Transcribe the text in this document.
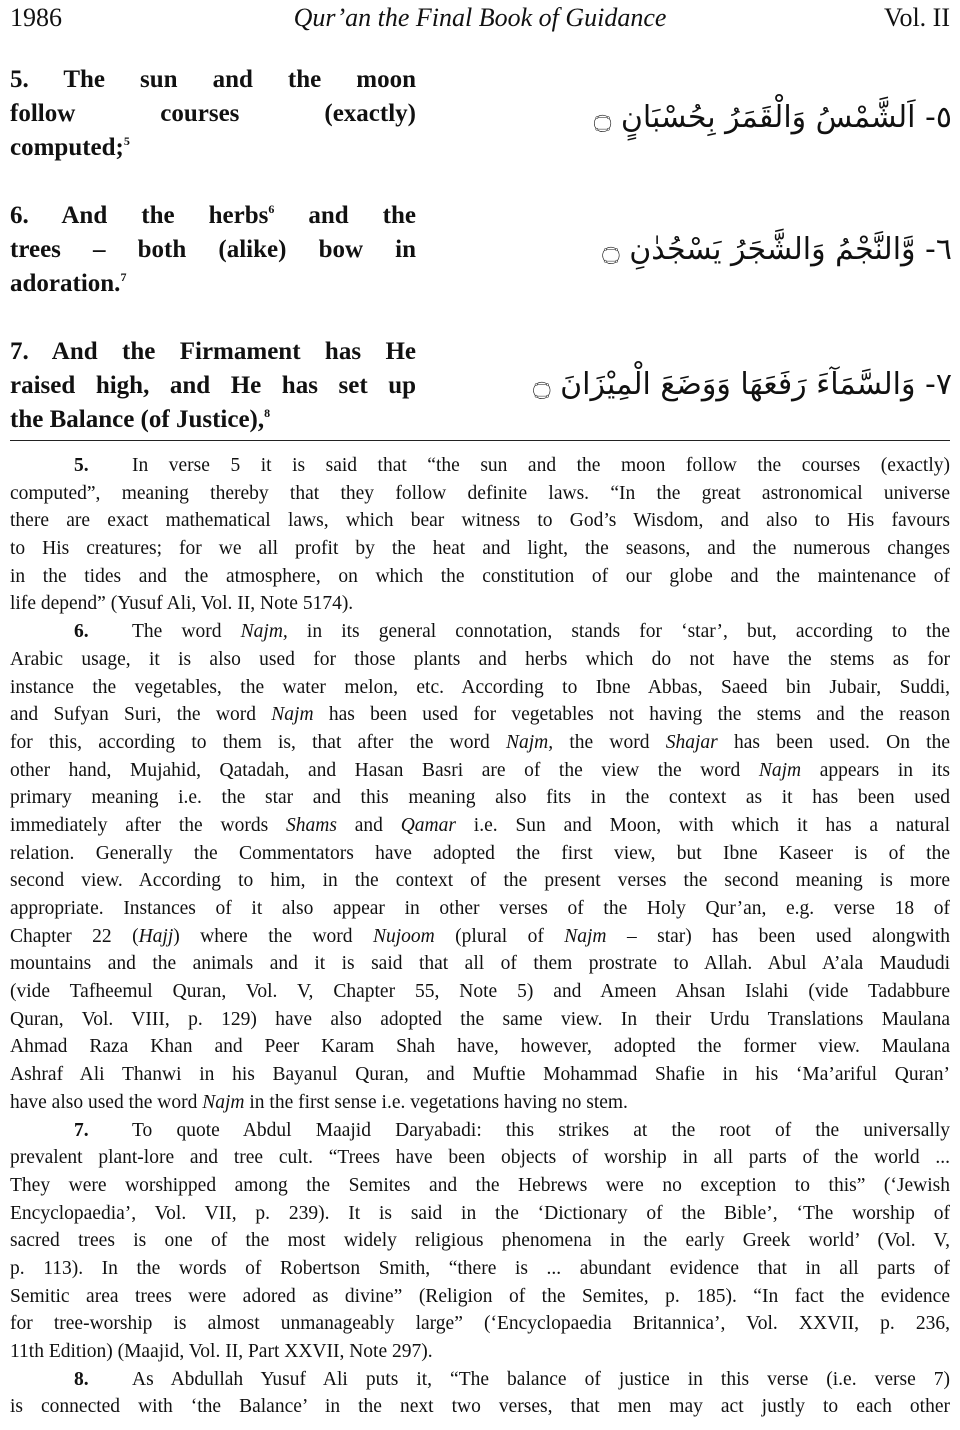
1986	Qur’an the Final Book of Guidance	Vol. II
5. The sun and the moon
follow courses (exactly)
computed;$^5$
٥- اَلشَّمْسُ وَالْقَمَرُ بِحُسْبَانٍ ۝
6. And the herbs$^6$ and the
trees – both (alike) bow in
adoration.$^7$
٦- وَّالنَّجْمُ وَالشَّجَرُ يَسْجُدٰنِ ۝
7. And the Firmament has He
raised high, and He has set up
the Balance (of Justice),$^8$
٧- وَالسَّمَآءَ رَفَعَهَا وَوَضَعَ الْمِيْزَانَ ۝
5. In verse 5 it is said that “the sun and the moon follow the courses (exactly)
computed”, meaning thereby that they follow definite laws. “In the great astronomical universe
there are exact mathematical laws, which bear witness to God’s Wisdom, and also to His favours
to His creatures; for we all profit by the heat and light, the seasons, and the numerous changes
in the tides and the atmosphere, on which the constitution of our globe and the maintenance of
life depend” (Yusuf Ali, Vol. II, Note 5174).
6. The word Najm, in its general connotation, stands for ‘star’, but, according to the
Arabic usage, it is also used for those plants and herbs which do not have the stems as for
instance the vegetables, the water melon, etc. According to Ibne Abbas, Saeed bin Jubair, Suddi,
and Sufyan Suri, the word Najm has been used for vegetables not having the stems and the reason
for this, according to them is, that after the word Najm, the word Shajar has been used. On the
other hand, Mujahid, Qatadah, and Hasan Basri are of the view the word Najm appears in its
primary meaning i.e. the star and this meaning also fits in the context as it has been used
immediately after the words Shams and Qamar i.e. Sun and Moon, with which it has a natural
relation. Generally the Commentators have adopted the first view, but Ibne Kaseer is of the
second view. According to him, in the context of the present verses the second meaning is more
appropriate. Instances of it also appear in other verses of the Holy Qur’an, e.g. verse 18 of
Chapter 22 (Hajj) where the word Nujoom (plural of Najm – star) has been used alongwith
mountains and the animals and it is said that all of them prostrate to Allah. Abul A’ala Maududi
(vide Tafheemul Quran, Vol. V, Chapter 55, Note 5) and Ameen Ahsan Islahi (vide Tadabbure
Quran, Vol. VIII, p. 129) have also adopted the same view. In their Urdu Translations Maulana
Ahmad Raza Khan and Peer Karam Shah have, however, adopted the former view. Maulana
Ashraf Ali Thanwi in his Bayanul Quran, and Muftie Mohammad Shafie in his ‘Ma’ariful Quran’
have also used the word Najm in the first sense i.e. vegetations having no stem.
7. To quote Abdul Maajid Daryabadi: this strikes at the root of the universally
prevalent plant-lore and tree cult. “Trees have been objects of worship in all parts of the world ...
They were worshipped among the Semites and the Hebrews were no exception to this” (‘Jewish
Encyclopaedia’, Vol. VII, p. 239). It is said in the ‘Dictionary of the Bible’, ‘The worship of
sacred trees is one of the most widely religious phenomena in the early Greek world’ (Vol. V,
p. 113). In the words of Robertson Smith, “there is ... abundant evidence that in all parts of
Semitic area trees were adored as divine” (Religion of the Semites, p. 185). “In fact the evidence
for tree-worship is almost unmanageably large” (‘Encyclopaedia Britannica’, Vol. XXVII, p. 236,
11th Edition) (Maajid, Vol. II, Part XXVII, Note 297).
8. As Abdullah Yusuf Ali puts it, “The balance of justice in this verse (i.e. verse 7)
is connected with ‘the Balance’ in the next two verses, that men may act justly to each other
